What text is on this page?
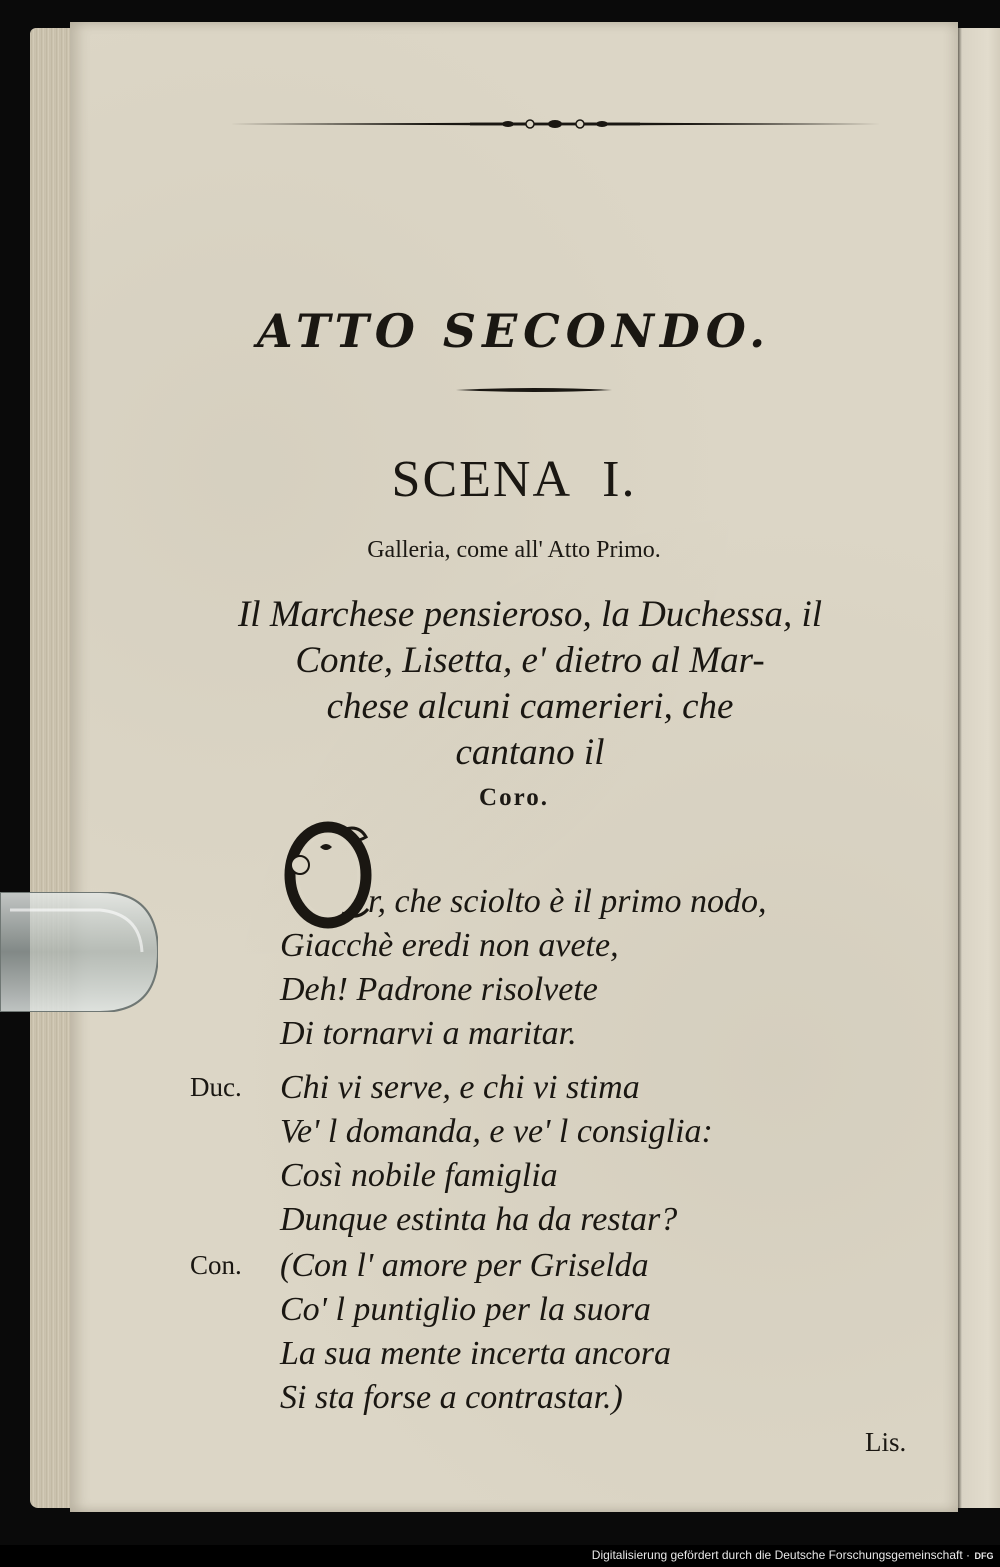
ATTO SECONDO.
SCENA I.
Galleria, come all' Atto Primo.
Il Marchese pensieroso, la Duchessa, il
Conte, Lisetta, e' dietro al Mar-
chese alcuni camerieri, che
cantano il
Coro.
r, che sciolto è il primo nodo,
Giacchè eredi non avete,
Deh! Padrone risolvete
Di tornarvi a maritar.
Duc. Chi vi serve, e chi vi stima
Ve' l domanda, e ve' l consiglia:
Così nobile famiglia
Dunque estinta ha da restar?
Con. (Con l' amore per Griselda
Co' l puntiglio per la suora
La sua mente incerta ancora
Si sta forse a contrastar.)
Lis.
Digitalisierung gefördert durch die Deutsche Forschungsgemeinschaft · DFG
